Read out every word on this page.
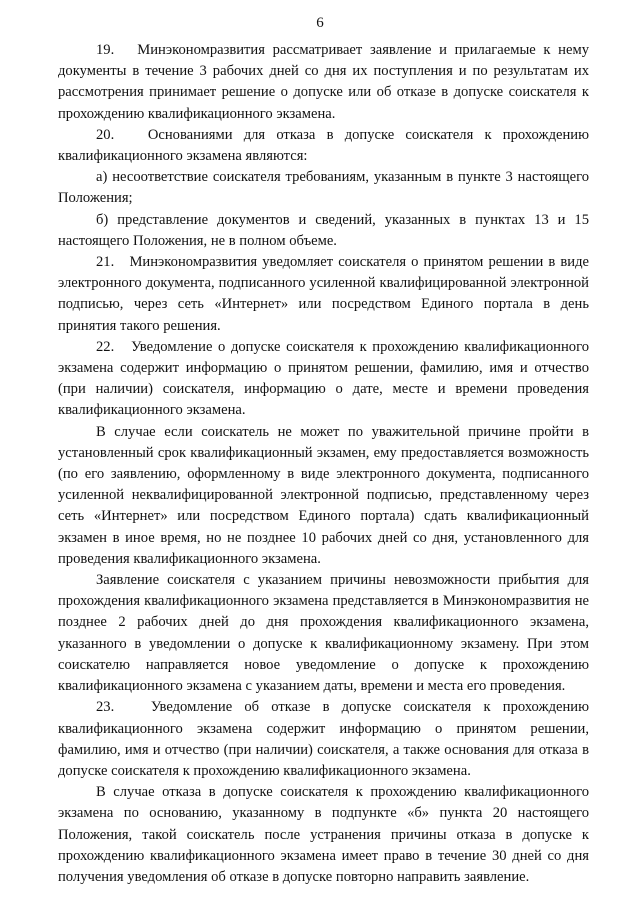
6

19.   Минэкономразвития рассматривает заявление и прилагаемые к нему документы в течение 3 рабочих дней со дня их поступления и по результатам их рассмотрения принимает решение о допуске или об отказе в допуске соискателя к прохождению квалификационного экзамена.

20.   Основаниями для отказа в допуске соискателя к прохождению квалификационного экзамена являются:

а) несоответствие соискателя требованиям, указанным в пункте 3 настоящего Положения;

б) представление документов и сведений, указанных в пунктах 13 и 15 настоящего Положения, не в полном объеме.

21.   Минэкономразвития уведомляет соискателя о принятом решении в виде электронного документа, подписанного усиленной квалифицированной электронной подписью, через сеть «Интернет» или посредством Единого портала в день принятия такого решения.

22.   Уведомление о допуске соискателя к прохождению квалификационного экзамена содержит информацию о принятом решении, фамилию, имя и отчество (при наличии) соискателя, информацию о дате, месте и времени проведения квалификационного экзамена.

В случае если соискатель не может по уважительной причине пройти в установленный срок квалификационный экзамен, ему предоставляется возможность (по его заявлению, оформленному в виде электронного документа, подписанного усиленной неквалифицированной электронной подписью, представленному через сеть «Интернет» или посредством Единого портала) сдать квалификационный экзамен в иное время, но не позднее 10 рабочих дней со дня, установленного для проведения квалификационного экзамена.

Заявление соискателя с указанием причины невозможности прибытия для прохождения квалификационного экзамена представляется в Минэкономразвития не позднее 2 рабочих дней до дня прохождения квалификационного экзамена, указанного в уведомлении о допуске к квалификационному экзамену. При этом соискателю направляется новое уведомление о допуске к прохождению квалификационного экзамена с указанием даты, времени и места его проведения.

23.   Уведомление об отказе в допуске соискателя к прохождению квалификационного экзамена содержит информацию о принятом решении, фамилию, имя и отчество (при наличии) соискателя, а также основания для отказа в допуске соискателя к прохождению квалификационного экзамена.

В случае отказа в допуске соискателя к прохождению квалификационного экзамена по основанию, указанному в подпункте «б» пункта 20 настоящего Положения, такой соискатель после устранения причины отказа в допуске к прохождению квалификационного экзамена имеет право в течение 30 дней со дня получения уведомления об отказе в допуске повторно направить заявление.
